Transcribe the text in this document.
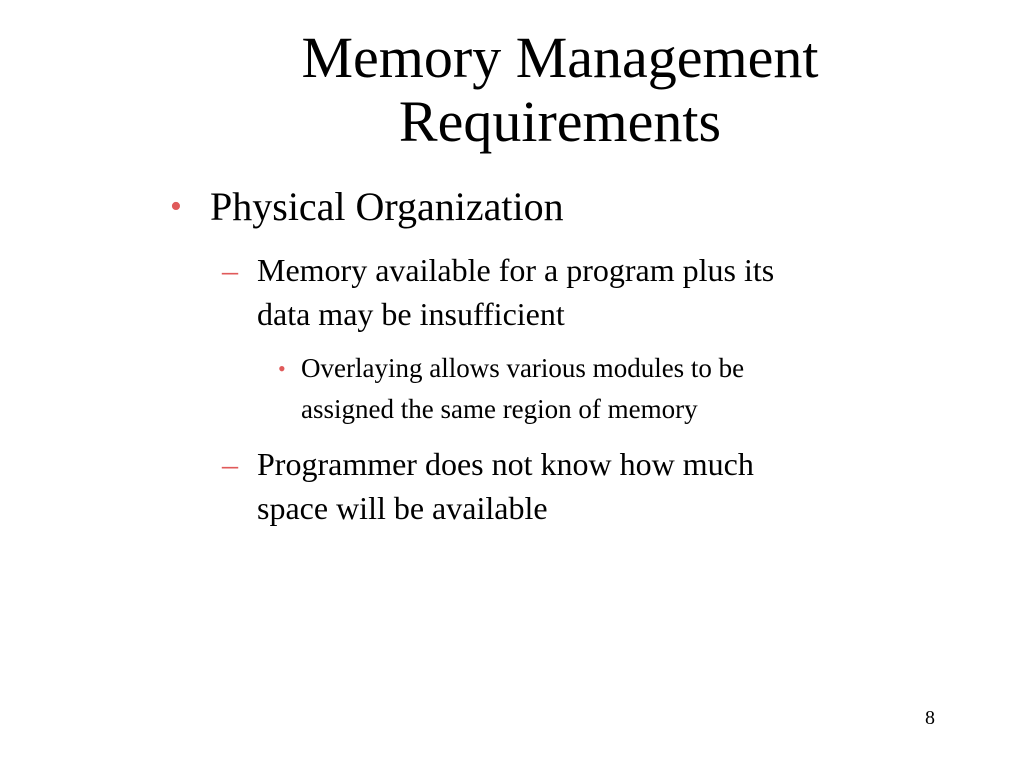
Memory Management
Requirements
• Physical Organization
– Memory available for a program plus its
data may be insufficient
• Overlaying allows various modules to be
assigned the same region of memory
– Programmer does not know how much
space will be available
8
